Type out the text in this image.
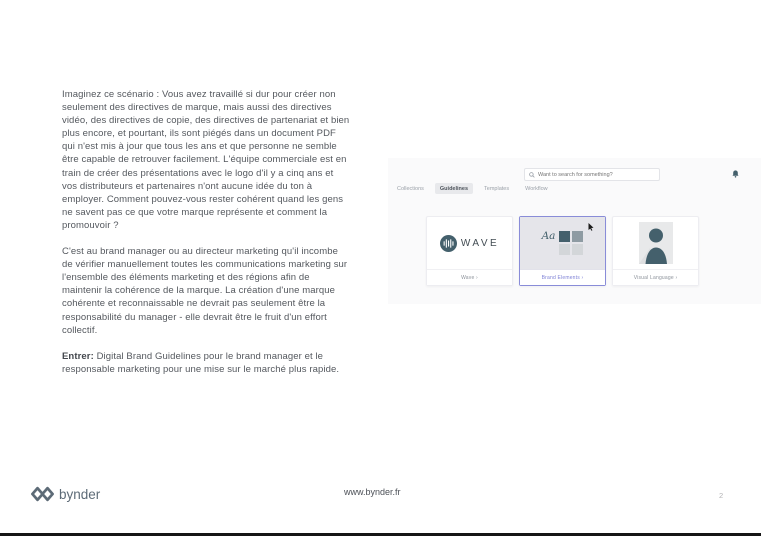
Imaginez ce scénario : Vous avez travaillé si dur pour créer non seulement des directives de marque, mais aussi des directives vidéo, des directives de copie, des directives de partenariat et bien plus encore, et pourtant, ils sont piégés dans un document PDF qui n'est mis à jour que tous les ans et que personne ne semble être capable de retrouver facilement. L'équipe commerciale est en train de créer des présentations avec le logo d'il y a cinq ans et vos distributeurs et partenaires n'ont aucune idée du ton à employer. Comment pouvez-vous rester cohérent quand les gens ne savent pas ce que votre marque représente et comment la promouvoir ?

C'est au brand manager ou au directeur marketing qu'il incombe de vérifier manuellement toutes les communications marketing sur l'ensemble des éléments marketing et des régions afin de maintenir la cohérence de la marque. La création d'une marque cohérente et reconnaissable ne devrait pas seulement être la responsabilité du manager - elle devrait être le fruit d'un effort collectif.

Entrer: Digital Brand Guidelines pour le brand manager et le responsable marketing pour une mise sur le marché plus rapide.

Want to search for something?
Collections	Guidelines	Templates	Workflow
WAVE
Wave ›
Aa
Brand Elements ›	Visual Language ›
bynder	www.bynder.fr	2
